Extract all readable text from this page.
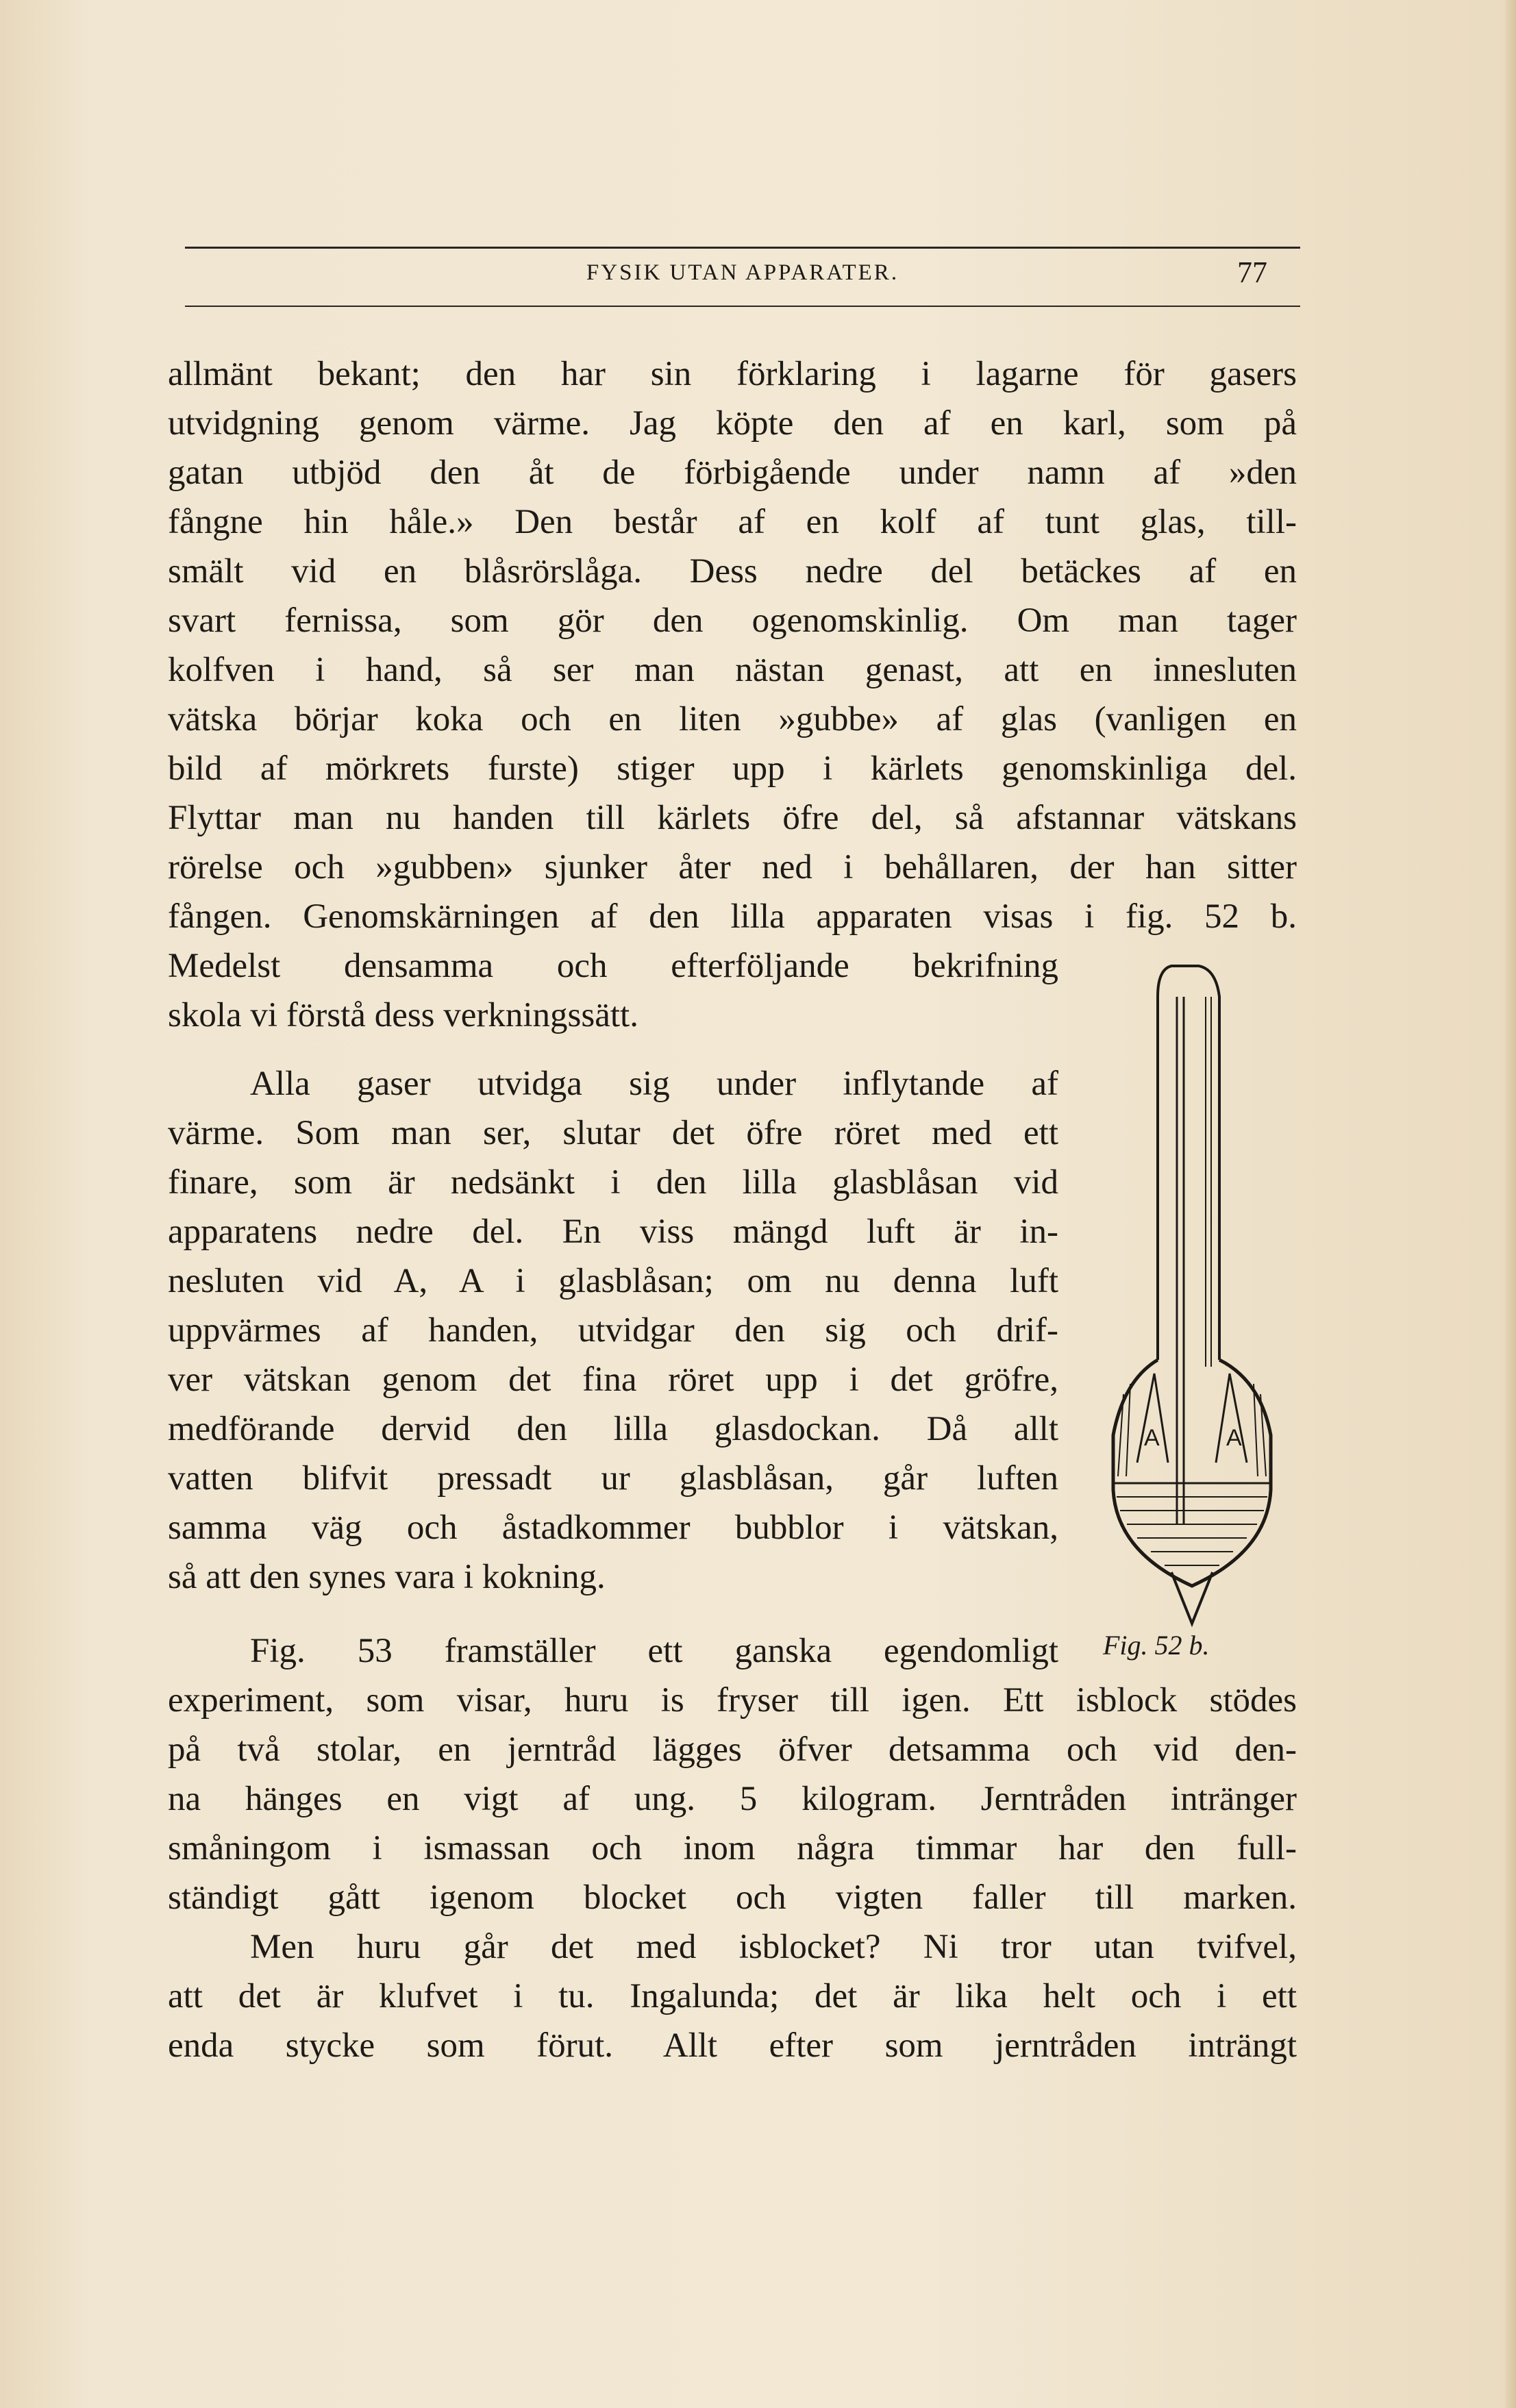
FYSIK UTAN APPARATER.	77
allmänt bekant; den har sin förklaring i lagarne för gasers
utvidgning genom värme. Jag köpte den af en karl, som på
gatan utbjöd den åt de förbigående under namn af »den
fångne hin håle.» Den består af en kolf af tunt glas, till-
smält vid en blåsrörslåga. Dess nedre del betäckes af en
svart fernissa, som gör den ogenomskinlig. Om man tager
kolfven i hand, så ser man nästan genast, att en innesluten
vätska börjar koka och en liten »gubbe» af glas (vanligen en
bild af mörkrets furste) stiger upp i kärlets genomskinliga del.
Flyttar man nu handen till kärlets öfre del, så afstannar vätskans
rörelse och »gubben» sjunker åter ned i behållaren, der han sitter
fången. Genomskärningen af den lilla apparaten visas i fig. 52 b.
Medelst densamma och efterföljande bekrifning
skola vi förstå dess verkningssätt.
Alla gaser utvidga sig under inflytande af
värme. Som man ser, slutar det öfre röret med ett
finare, som är nedsänkt i den lilla glasblåsan vid
apparatens nedre del. En viss mängd luft är in-
nesluten vid A, A i glasblåsan; om nu denna luft
uppvärmes af handen, utvidgar den sig och drif-
ver vätskan genom det fina röret upp i det gröfre,
medförande dervid den lilla glasdockan. Då allt
vatten blifvit pressadt ur glasblåsan, går luften
samma väg och åstadkommer bubblor i vätskan,
så att den synes vara i kokning.
Fig. 53 framställer ett ganska egendomligt
experiment, som visar, huru is fryser till igen. Ett isblock stödes
på två stolar, en jerntråd lägges öfver detsamma och vid den-
na hänges en vigt af ung. 5 kilogram. Jerntråden intränger
småningom i ismassan och inom några timmar har den full-
ständigt gått igenom blocket och vigten faller till marken.
Men huru går det med isblocket? Ni tror utan tvifvel,
att det är klufvet i tu. Ingalunda; det är lika helt och i ett
enda stycke som förut. Allt efter som jerntråden inträngt
A	A
Fig. 52 b.
